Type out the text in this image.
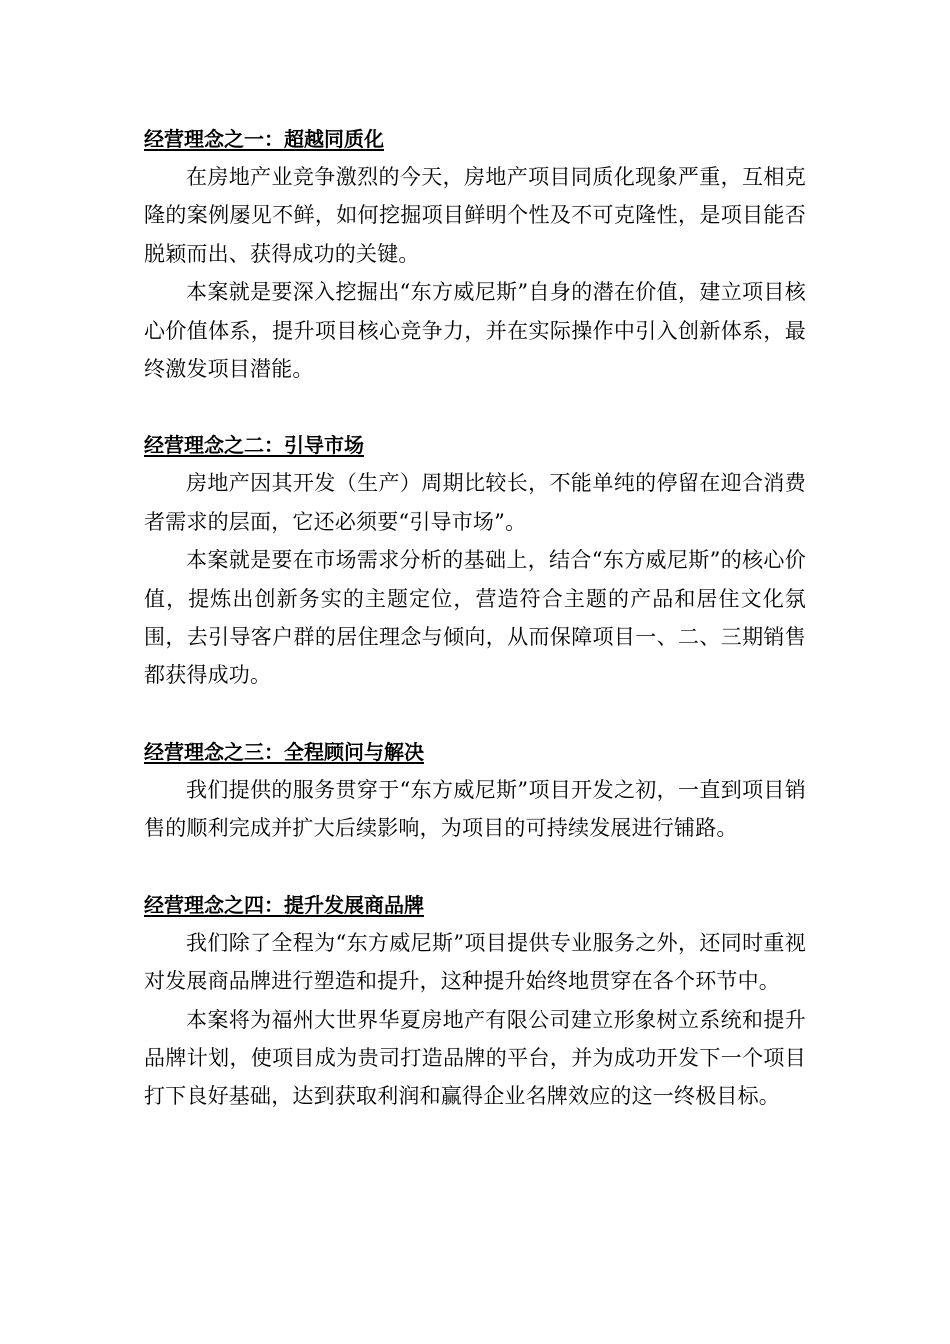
经营理念之一：超越同质化

在房地产业竞争激烈的今天，房地产项目同质化现象严重，互相克隆的案例屡见不鲜，如何挖掘项目鲜明个性及不可克隆性，是项目能否脱颖而出、获得成功的关键。

本案就是要深入挖掘出“东方威尼斯”自身的潜在价值，建立项目核心价值体系，提升项目核心竞争力，并在实际操作中引入创新体系，最终激发项目潜能。

经营理念之二：引导市场

房地产因其开发（生产）周期比较长，不能单纯的停留在迎合消费者需求的层面，它还必须要“引导市场”。

本案就是要在市场需求分析的基础上，结合“东方威尼斯”的核心价值，提炼出创新务实的主题定位，营造符合主题的产品和居住文化氛围，去引导客户群的居住理念与倾向，从而保障项目一、二、三期销售都获得成功。

经营理念之三：全程顾问与解决

我们提供的服务贯穿于“东方威尼斯”项目开发之初，一直到项目销售的顺利完成并扩大后续影响，为项目的可持续发展进行铺路。

经营理念之四：提升发展商品牌

我们除了全程为“东方威尼斯”项目提供专业服务之外，还同时重视对发展商品牌进行塑造和提升，这种提升始终地贯穿在各个环节中。

本案将为福州大世界华夏房地产有限公司建立形象树立系统和提升品牌计划，使项目成为贵司打造品牌的平台，并为成功开发下一个项目打下良好基础，达到获取利润和赢得企业名牌效应的这一终极目标。
